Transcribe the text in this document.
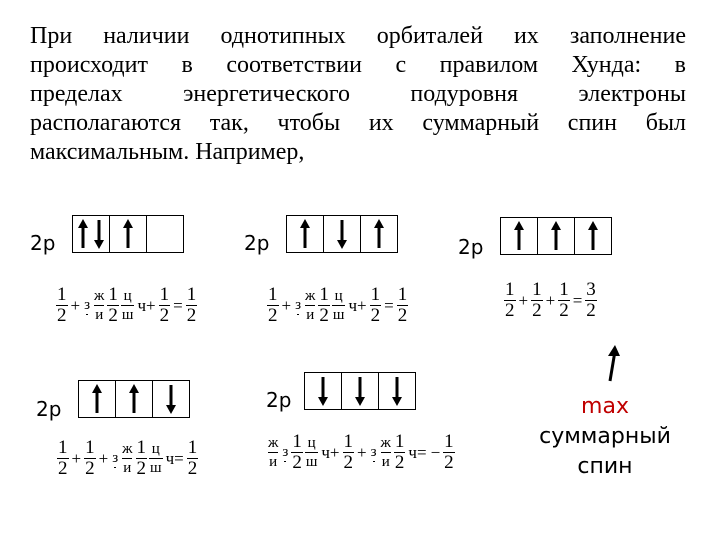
При наличии однотипных орбиталей их заполнение
происходит в соответствии с правилом Хунда: в
пределах энергетического подуровня электроны
располагаются так, чтобы их суммарный спин был
максимальным. Например,
2p
1
2 + з
ж
и
1
2
ц
ш
$ч+ \frac{1}{2} = \frac{1}{2}$
2p
1
2 + з
ж
и
1
2
ц
ш
$ч+ \frac{1}{2} = \frac{1}{2}$
2p
1
$2 + \frac{1}{2} + \frac{1}{2} = \frac{3}{2}$
2p
1
$2 + \frac{1}{2} + з$
ж
и
1
2
ц
ш
$ч= \frac{1}{2}$
2p
ж
и
з 1
2
ц
ш
$ч+ \frac{1}{2} + з$
ж
и
1
2 $ч= - \frac{1}{2}$
max
суммарный
спин
